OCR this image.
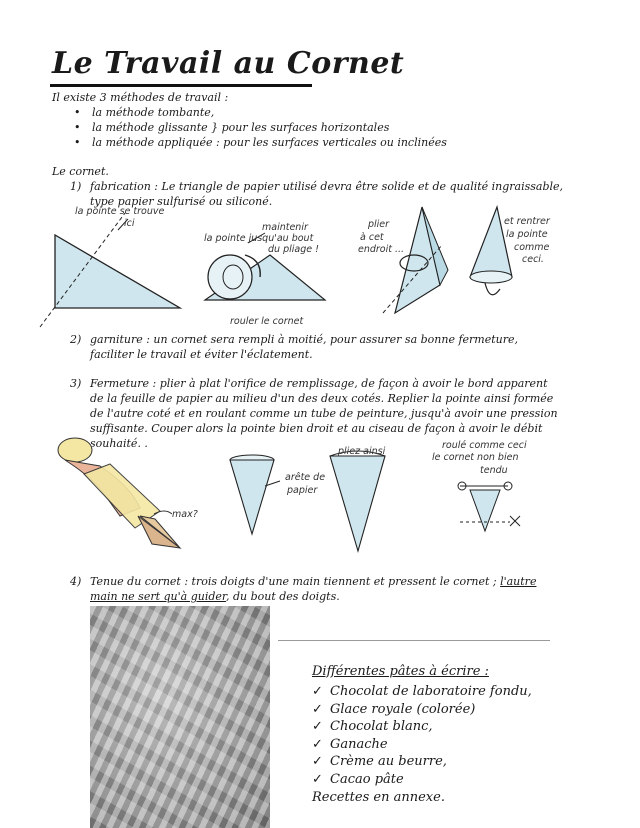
Le Travail au Cornet
Il existe 3 méthodes de travail :
• la méthode tombante,
• la méthode glissante } pour les surfaces horizontales
• la méthode appliquée : pour les surfaces verticales ou inclinées
Le cornet.
1) fabrication : Le triangle de papier utilisé devra être solide et de qualité ingraissable,
type papier sulfurisé ou siliconé.
la pointe se trouve
ici	maintenir
la pointe jusqu'au bout
du pliage !
rouler le cornet
plier
à cet
endroit ...
et rentrer
la pointe
comme
ceci.
2) garniture : un cornet sera rempli à moitié, pour assurer sa bonne fermeture,
faciliter le travail et éviter l'éclatement.
3) Fermeture : plier à plat l'orifice de remplissage, de façon à avoir le bord apparent
de la feuille de papier au milieu d'un des deux cotés. Replier la pointe ainsi formée
de l'autre coté et en roulant comme un tube de peinture, jusqu'à avoir une pression
suffisante. Couper alors la pointe bien droit et au ciseau de façon à avoir le débit
souhaité. .
max?
arête de
papier
pliez ainsi
roulé comme ceci
le cornet non bien
tendu
4) Tenue du cornet : trois doigts d'une main tiennent et pressent le cornet ; l'autre
main ne sert qu'à guider, du bout des doigts.
Différentes pâtes à écrire :
✓ Chocolat de laboratoire fondu,
✓ Glace royale (colorée)
✓ Chocolat blanc,
✓ Ganache
✓ Crème au beurre,
✓ Cacao pâte
Recettes en annexe.
